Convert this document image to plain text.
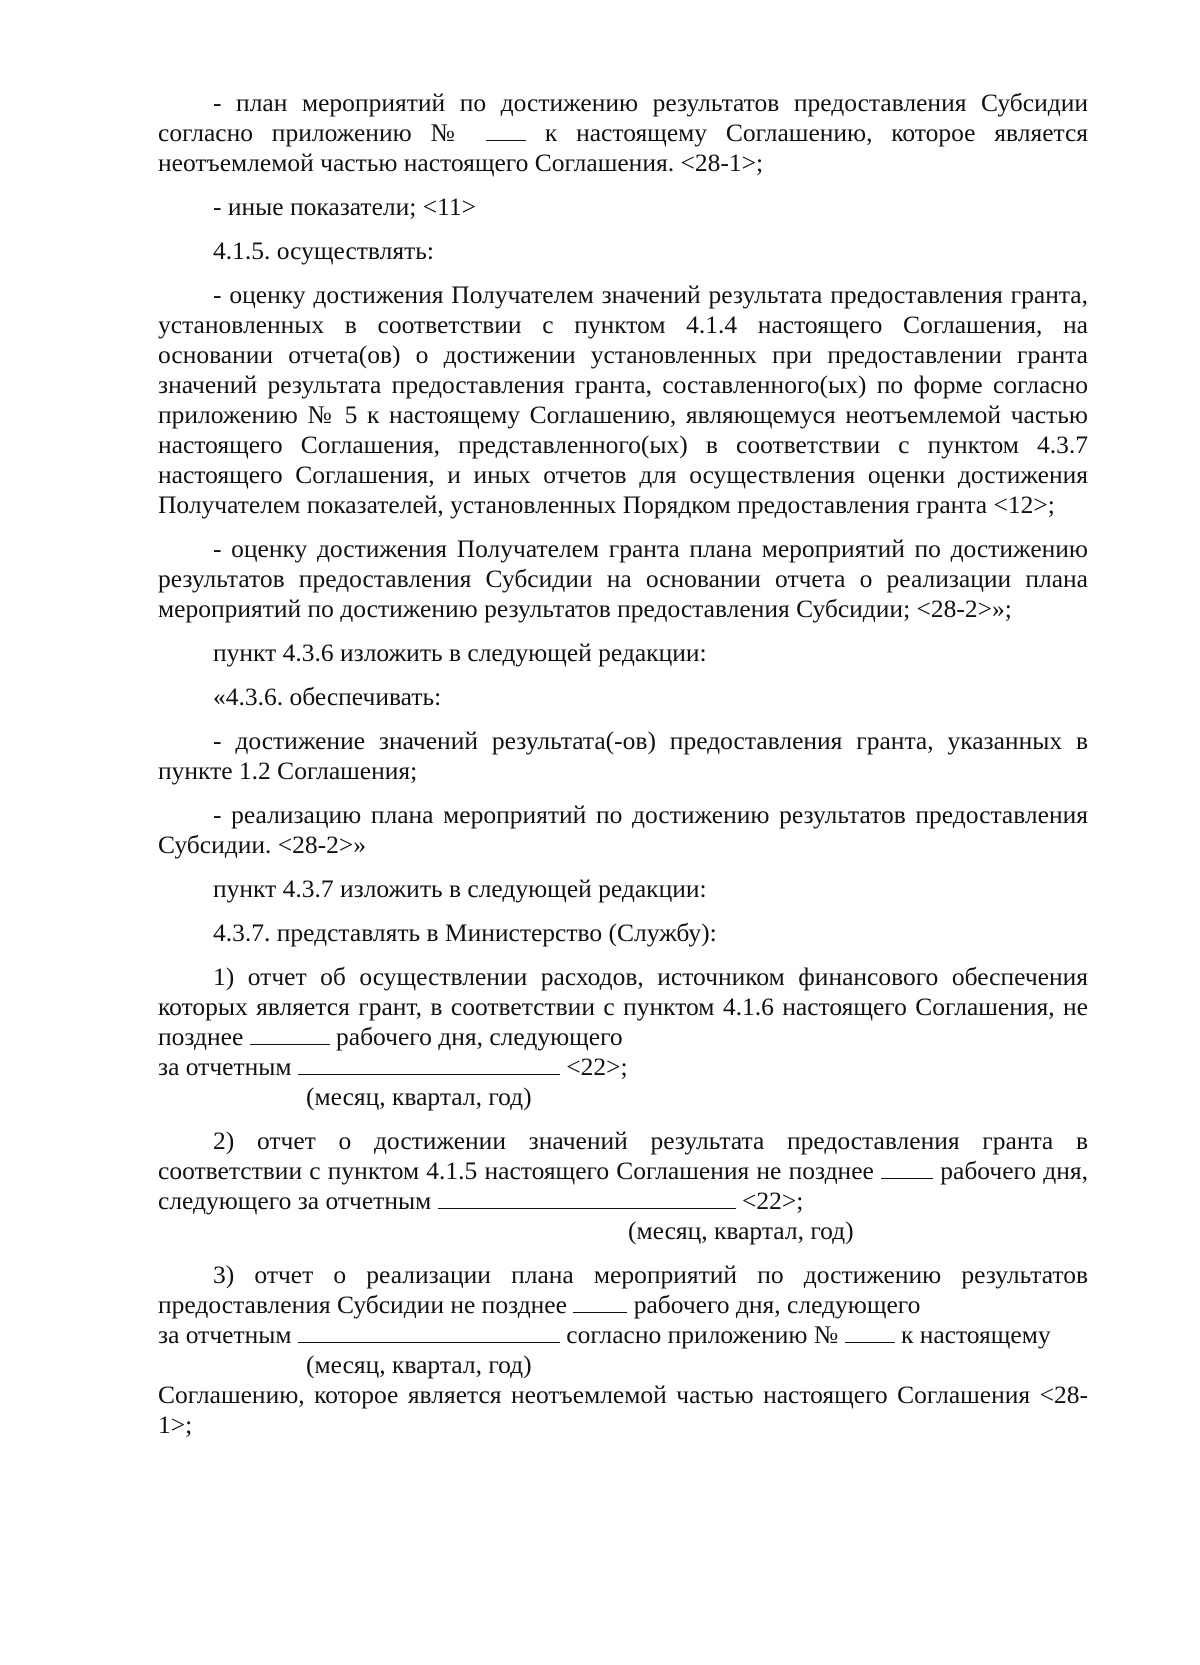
- план мероприятий по достижению результатов предоставления Субсидии согласно приложению №	к настоящему Соглашению, которое является неотъемлемой частью настоящего Соглашения. <28-1>;

- иные показатели; <11>

4.1.5. осуществлять:

- оценку достижения Получателем значений результата предоставления гранта, установленных в соответствии с пунктом 4.1.4 настоящего Соглашения, на основании отчета(ов) о достижении установленных при предоставлении гранта значений результата предоставления гранта, составленного(ых) по форме согласно приложению № 5 к настоящему Соглашению, являющемуся неотъемлемой частью настоящего Соглашения, представленного(ых) в соответствии с пунктом 4.3.7 настоящего Соглашения, и иных отчетов для осуществления оценки достижения Получателем показателей, установленных Порядком предоставления гранта <12>;

- оценку достижения Получателем гранта плана мероприятий по достижению результатов предоставления Субсидии на основании отчета о реализации плана мероприятий по достижению результатов предоставления Субсидии; <28-2>»;

пункт 4.3.6 изложить в следующей редакции:

«4.3.6. обеспечивать:

- достижение значений результата(-ов) предоставления гранта, указанных в пункте 1.2 Соглашения;

- реализацию плана мероприятий по достижению результатов предоставления Субсидии. <28-2>»

пункт 4.3.7 изложить в следующей редакции:

4.3.7. представлять в Министерство (Службу):

1) отчет об осуществлении расходов, источником финансового обеспечения которых является грант, в соответствии с пунктом 4.1.6 настоящего Соглашения, не позднее	рабочего дня, следующего

за отчетным	<22>;

(месяц, квартал, год)

2) отчет о достижении значений результата предоставления гранта в соответствии с пунктом 4.1.5 настоящего Соглашения не позднее	рабочего дня, следующего за отчетным	<22>;

(месяц, квартал, год)

3) отчет о реализации плана мероприятий по достижению результатов предоставления Субсидии не позднее	рабочего дня, следующего

за отчетным	согласно приложению № к настоящему

(месяц, квартал, год)

Соглашению, которое является неотъемлемой частью настоящего Соглашения <28-1>;
